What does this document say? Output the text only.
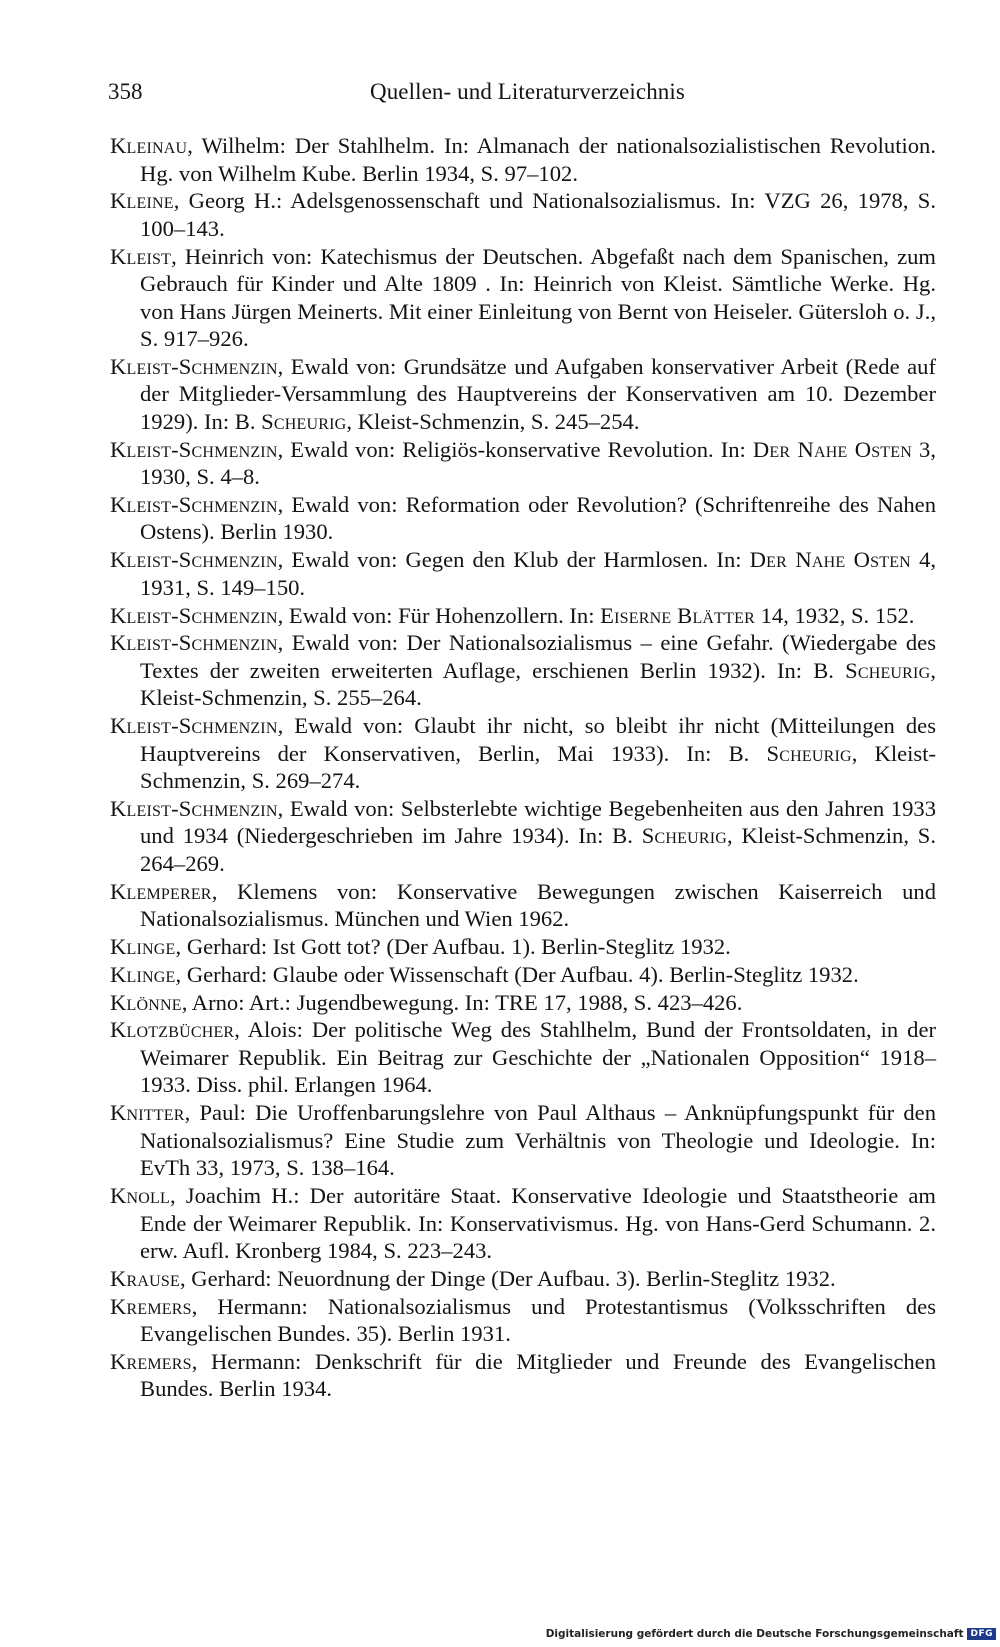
358	Quellen- und Literaturverzeichnis

Kleinau, Wilhelm: Der Stahlhelm. In: Almanach der nationalsozialistischen Revolution. Hg. von Wilhelm Kube. Berlin 1934, S. 97–102.

Kleine, Georg H.: Adelsgenossenschaft und Nationalsozialismus. In: VZG 26, 1978, S. 100–143.

Kleist, Heinrich von: Katechismus der Deutschen. Abgefaßt nach dem Spanischen, zum Gebrauch für Kinder und Alte 1809 . In: Heinrich von Kleist. Sämtliche Werke. Hg. von Hans Jürgen Meinerts. Mit einer Einleitung von Bernt von Heiseler. Gütersloh o. J., S. 917–926.

Kleist-Schmenzin, Ewald von: Grundsätze und Aufgaben konservativer Arbeit (Rede auf der Mitglieder-Versammlung des Hauptvereins der Konservativen am 10. Dezember 1929). In: B. Scheurig, Kleist-Schmenzin, S. 245–254.

Kleist-Schmenzin, Ewald von: Religiös-konservative Revolution. In: Der Nahe Osten 3, 1930, S. 4–8.

Kleist-Schmenzin, Ewald von: Reformation oder Revolution? (Schriftenreihe des Nahen Ostens). Berlin 1930.

Kleist-Schmenzin, Ewald von: Gegen den Klub der Harmlosen. In: Der Nahe Osten 4, 1931, S. 149–150.

Kleist-Schmenzin, Ewald von: Für Hohenzollern. In: Eiserne Blätter 14, 1932, S. 152.

Kleist-Schmenzin, Ewald von: Der Nationalsozialismus – eine Gefahr. (Wiedergabe des Textes der zweiten erweiterten Auflage, erschienen Berlin 1932). In: B. Scheurig, Kleist-Schmenzin, S. 255–264.

Kleist-Schmenzin, Ewald von: Glaubt ihr nicht, so bleibt ihr nicht (Mitteilungen des Hauptvereins der Konservativen, Berlin, Mai 1933). In: B. Scheurig, Kleist-Schmenzin, S. 269–274.

Kleist-Schmenzin, Ewald von: Selbsterlebte wichtige Begebenheiten aus den Jahren 1933 und 1934 (Niedergeschrieben im Jahre 1934). In: B. Scheurig, Kleist-Schmenzin, S. 264–269.

Klemperer, Klemens von: Konservative Bewegungen zwischen Kaiserreich und Nationalsozialismus. München und Wien 1962.

Klinge, Gerhard: Ist Gott tot? (Der Aufbau. 1). Berlin-Steglitz 1932.

Klinge, Gerhard: Glaube oder Wissenschaft (Der Aufbau. 4). Berlin-Steglitz 1932.

Klönne, Arno: Art.: Jugendbewegung. In: TRE 17, 1988, S. 423–426.

Klotzbücher, Alois: Der politische Weg des Stahlhelm, Bund der Frontsoldaten, in der Weimarer Republik. Ein Beitrag zur Geschichte der „Nationalen Opposition“ 1918–1933. Diss. phil. Erlangen 1964.

Knitter, Paul: Die Uroffenbarungslehre von Paul Althaus – Anknüpfungspunkt für den Nationalsozialismus? Eine Studie zum Verhältnis von Theologie und Ideologie. In: EvTh 33, 1973, S. 138–164.

Knoll, Joachim H.: Der autoritäre Staat. Konservative Ideologie und Staatstheorie am Ende der Weimarer Republik. In: Konservativismus. Hg. von Hans-Gerd Schumann. 2. erw. Aufl. Kronberg 1984, S. 223–243.

Krause, Gerhard: Neuordnung der Dinge (Der Aufbau. 3). Berlin-Steglitz 1932.

Kremers, Hermann: Nationalsozialismus und Protestantismus (Volksschriften des Evangelischen Bundes. 35). Berlin 1931.

Kremers, Hermann: Denkschrift für die Mitglieder und Freunde des Evangelischen Bundes. Berlin 1934.

Digitalisierung gefördert durch die Deutsche Forschungsgemeinschaft DFG
